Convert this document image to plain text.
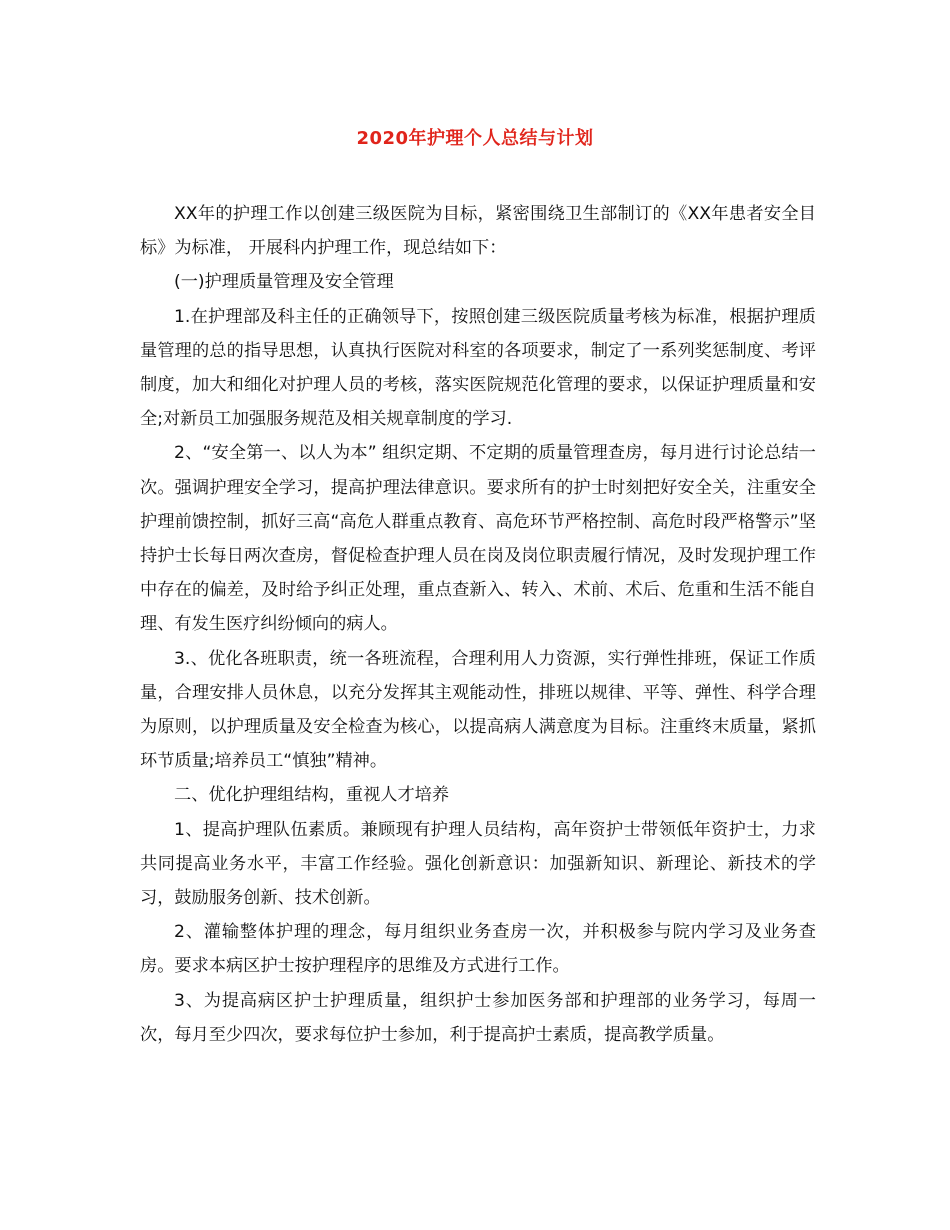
2020年护理个人总结与计划

XX年的护理工作以创建三级医院为目标，紧密围绕卫生部制订的《XX年患者安全目标》为标准， 开展科内护理工作，现总结如下：

(一)护理质量管理及安全管理

1.在护理部及科主任的正确领导下，按照创建三级医院质量考核为标准，根据护理质量管理的总的指导思想，认真执行医院对科室的各项要求，制定了一系列奖惩制度、考评制度，加大和细化对护理人员的考核，落实医院规范化管理的要求，以保证护理质量和安全;对新员工加强服务规范及相关规章制度的学习.

2、“安全第一、以人为本” 组织定期、不定期的质量管理查房，每月进行讨论总结一次。强调护理安全学习，提高护理法律意识。要求所有的护士时刻把好安全关，注重安全护理前馈控制，抓好三高“高危人群重点教育、高危环节严格控制、高危时段严格警示”坚持护士长每日两次查房，督促检查护理人员在岗及岗位职责履行情况，及时发现护理工作中存在的偏差，及时给予纠正处理，重点查新入、转入、术前、术后、危重和生活不能自理、有发生医疗纠纷倾向的病人。

3.、优化各班职责，统一各班流程，合理利用人力资源，实行弹性排班，保证工作质量，合理安排人员休息，以充分发挥其主观能动性，排班以规律、平等、弹性、科学合理为原则，以护理质量及安全检查为核心，以提高病人满意度为目标。注重终末质量，紧抓环节质量;培养员工“慎独”精神。

二、优化护理组结构，重视人才培养

1、提高护理队伍素质。兼顾现有护理人员结构，高年资护士带领低年资护士，力求共同提高业务水平，丰富工作经验。强化创新意识：加强新知识、新理论、新技术的学习，鼓励服务创新、技术创新。

2、灌输整体护理的理念，每月组织业务查房一次，并积极参与院内学习及业务查房。要求本病区护士按护理程序的思维及方式进行工作。

3、为提高病区护士护理质量，组织护士参加医务部和护理部的业务学习，每周一次，每月至少四次，要求每位护士参加，利于提高护士素质，提高教学质量。
